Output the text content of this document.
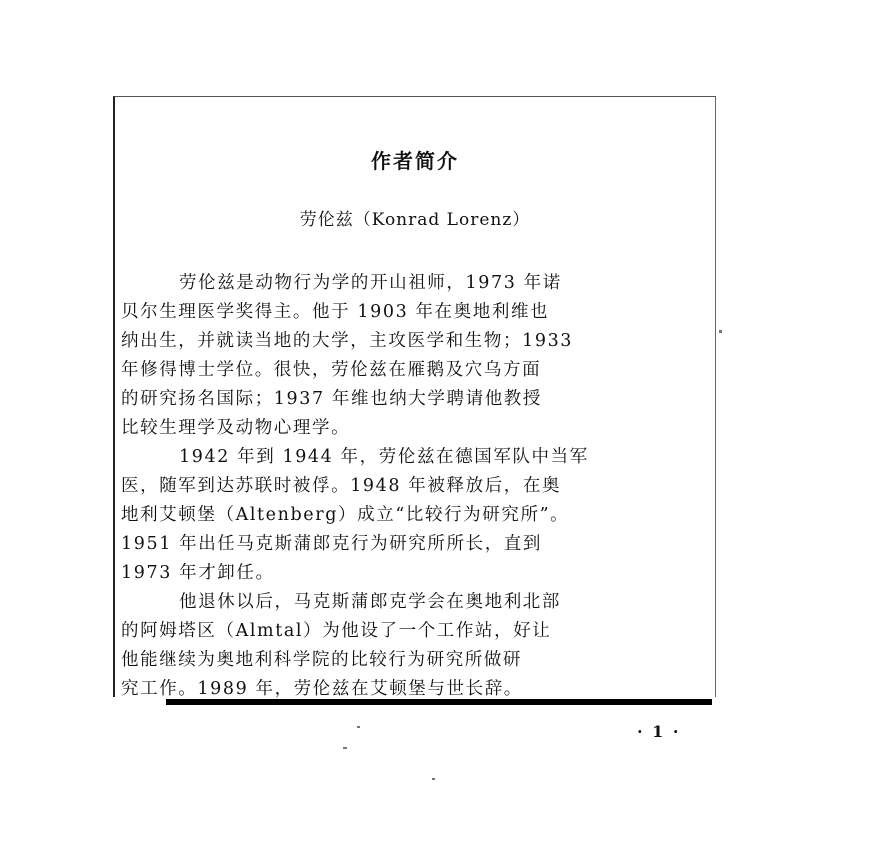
作者简介
劳伦兹（Konrad Lorenz）
劳伦兹是动物行为学的开山祖师，1973 年诺
贝尔生理医学奖得主。他于 1903 年在奥地利维也
纳出生，并就读当地的大学，主攻医学和生物；1933
年修得博士学位。很快，劳伦兹在雁鹅及穴乌方面
的研究扬名国际；1937 年维也纳大学聘请他教授
比较生理学及动物心理学。
1942 年到 1944 年，劳伦兹在德国军队中当军
医，随军到达苏联时被俘。1948 年被释放后，在奥
地利艾顿堡（Altenberg）成立“比较行为研究所”。
1951 年出任马克斯蒲郎克行为研究所所长，直到
1973 年才卸任。
他退休以后，马克斯蒲郎克学会在奥地利北部
的阿姆塔区（Almtal）为他设了一个工作站，好让
他能继续为奥地利科学院的比较行为研究所做研
究工作。1989 年，劳伦兹在艾顿堡与世长辞。
· 1 ·
